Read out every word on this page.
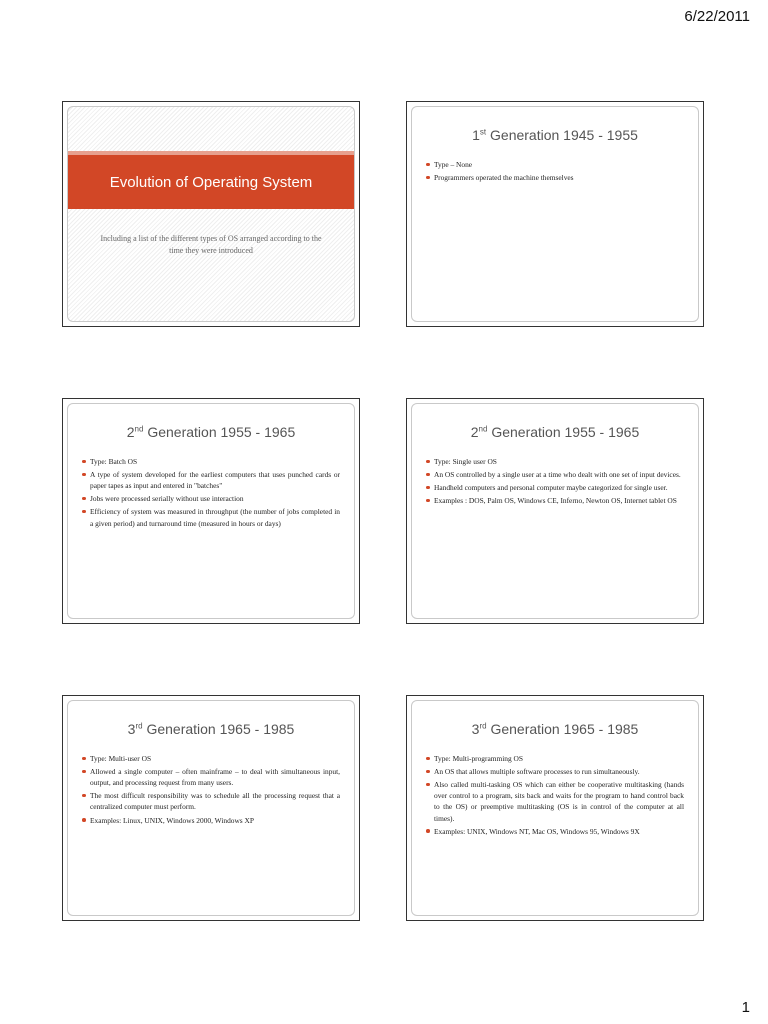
6/22/2011
Evolution of Operating System
Including a list of the different types of OS arranged according to the time they were introduced
1st Generation 1945 - 1955
Type – None
Programmers operated the machine themselves
2nd Generation 1955 - 1965
Type: Batch OS
A type of system developed for the earliest computers that uses punched cards or paper tapes as input and entered in "batches"
Jobs were processed serially without use interaction
Efficiency of system was measured in throughput (the number of jobs completed in a given period) and turnaround time (measured in hours or days)
2nd Generation 1955 - 1965
Type: Single user OS
An OS controlled by a single user at a time who dealt with one set of input devices.
Handheld computers and personal computer maybe categorized for single user.
Examples : DOS, Palm OS, Windows CE, Inferno, Newton OS, Internet tablet OS
3rd Generation 1965 - 1985
Type: Multi-user OS
Allowed a single computer – often mainframe – to deal with simultaneous input, output, and processing request from many users.
The most difficult responsibility was to schedule all the processing request that a centralized computer must perform.
Examples: Linux, UNIX, Windows 2000, Windows XP
3rd Generation 1965 - 1985
Type: Multi-programming OS
An OS that allows multiple software processes to run simultaneously.
Also called multi-tasking OS which can either be cooperative multitasking (hands over control to a program, sits back and waits for the program to hand control back to the OS) or preemptive multitasking (OS is in control of the computer at all times).
Examples: UNIX, Windows NT, Mac OS, Windows 95, Windows 9X
1
